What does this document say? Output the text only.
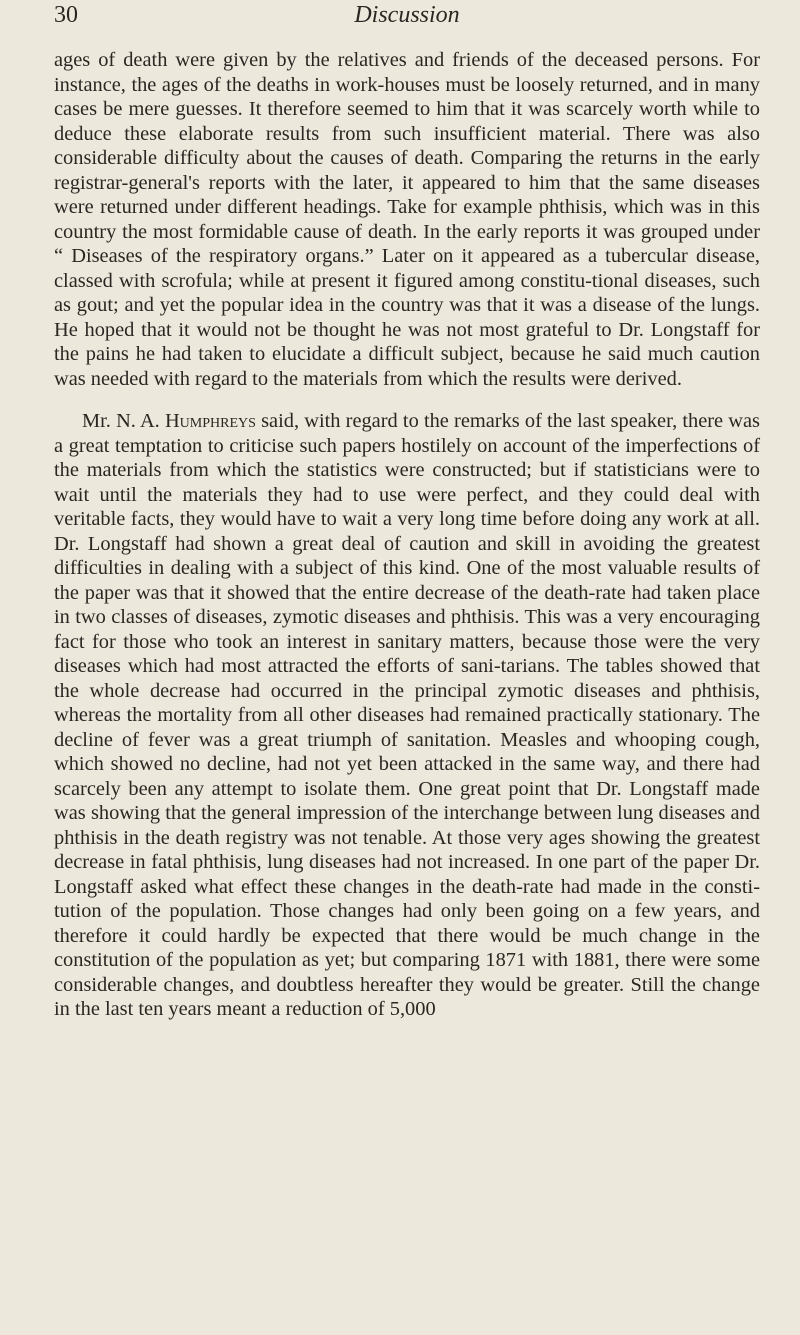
30	Discussion

ages of death were given by the relatives and friends of the deceased persons. For instance, the ages of the deaths in work-houses must be loosely returned, and in many cases be mere guesses. It therefore seemed to him that it was scarcely worth while to deduce these elaborate results from such insufficient material. There was also considerable difficulty about the causes of death. Comparing the returns in the early registrar-general's reports with the later, it appeared to him that the same diseases were returned under different headings. Take for example phthisis, which was in this country the most formidable cause of death. In the early reports it was grouped under “ Diseases of the respiratory organs.” Later on it appeared as a tubercular disease, classed with scrofula; while at present it figured among constitu-tional diseases, such as gout; and yet the popular idea in the country was that it was a disease of the lungs. He hoped that it would not be thought he was not most grateful to Dr. Longstaff for the pains he had taken to elucidate a difficult subject, because he said much caution was needed with regard to the materials from which the results were derived.

Mr. N. A. Humphreys said, with regard to the remarks of the last speaker, there was a great temptation to criticise such papers hostilely on account of the imperfections of the materials from which the statistics were constructed; but if statisticians were to wait until the materials they had to use were perfect, and they could deal with veritable facts, they would have to wait a very long time before doing any work at all. Dr. Longstaff had shown a great deal of caution and skill in avoiding the greatest difficulties in dealing with a subject of this kind. One of the most valuable results of the paper was that it showed that the entire decrease of the death-rate had taken place in two classes of diseases, zymotic diseases and phthisis. This was a very encouraging fact for those who took an interest in sanitary matters, because those were the very diseases which had most attracted the efforts of sani-tarians. The tables showed that the whole decrease had occurred in the principal zymotic diseases and phthisis, whereas the mortality from all other diseases had remained practically stationary. The decline of fever was a great triumph of sanitation. Measles and whooping cough, which showed no decline, had not yet been attacked in the same way, and there had scarcely been any attempt to isolate them. One great point that Dr. Longstaff made was showing that the general impression of the interchange between lung diseases and phthisis in the death registry was not tenable. At those very ages showing the greatest decrease in fatal phthisis, lung diseases had not increased. In one part of the paper Dr. Longstaff asked what effect these changes in the death-rate had made in the consti-tution of the population. Those changes had only been going on a few years, and therefore it could hardly be expected that there would be much change in the constitution of the population as yet; but comparing 1871 with 1881, there were some considerable changes, and doubtless hereafter they would be greater. Still the change in the last ten years meant a reduction of 5,000
